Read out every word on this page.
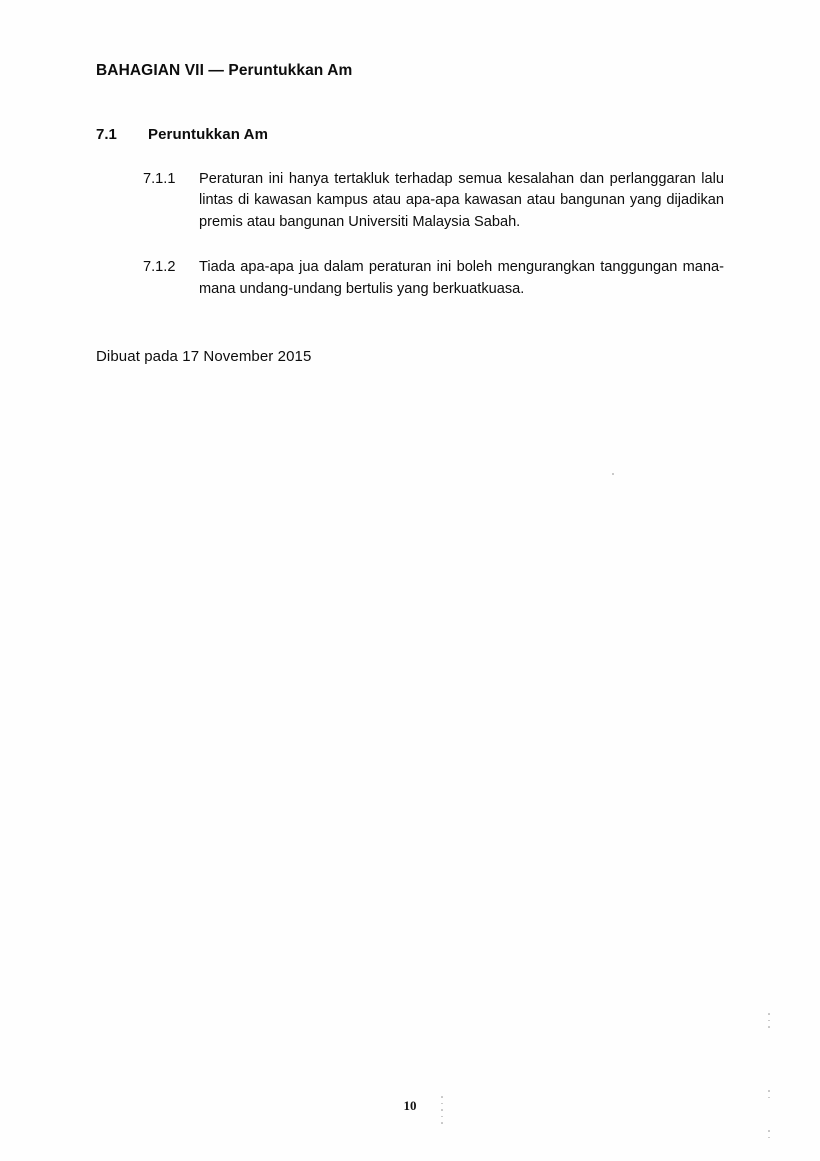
BAHAGIAN VII — Peruntukkan Am
7.1	Peruntukkan Am
7.1.1	Peraturan ini hanya tertakluk terhadap semua kesalahan dan perlanggaran lalu lintas di kawasan kampus atau apa-apa kawasan atau bangunan yang dijadikan premis atau bangunan Universiti Malaysia Sabah.
7.1.2	Tiada apa-apa jua dalam peraturan ini boleh mengurangkan tanggungan mana-mana undang-undang bertulis yang berkuatkuasa.
Dibuat pada 17 November 2015
10
